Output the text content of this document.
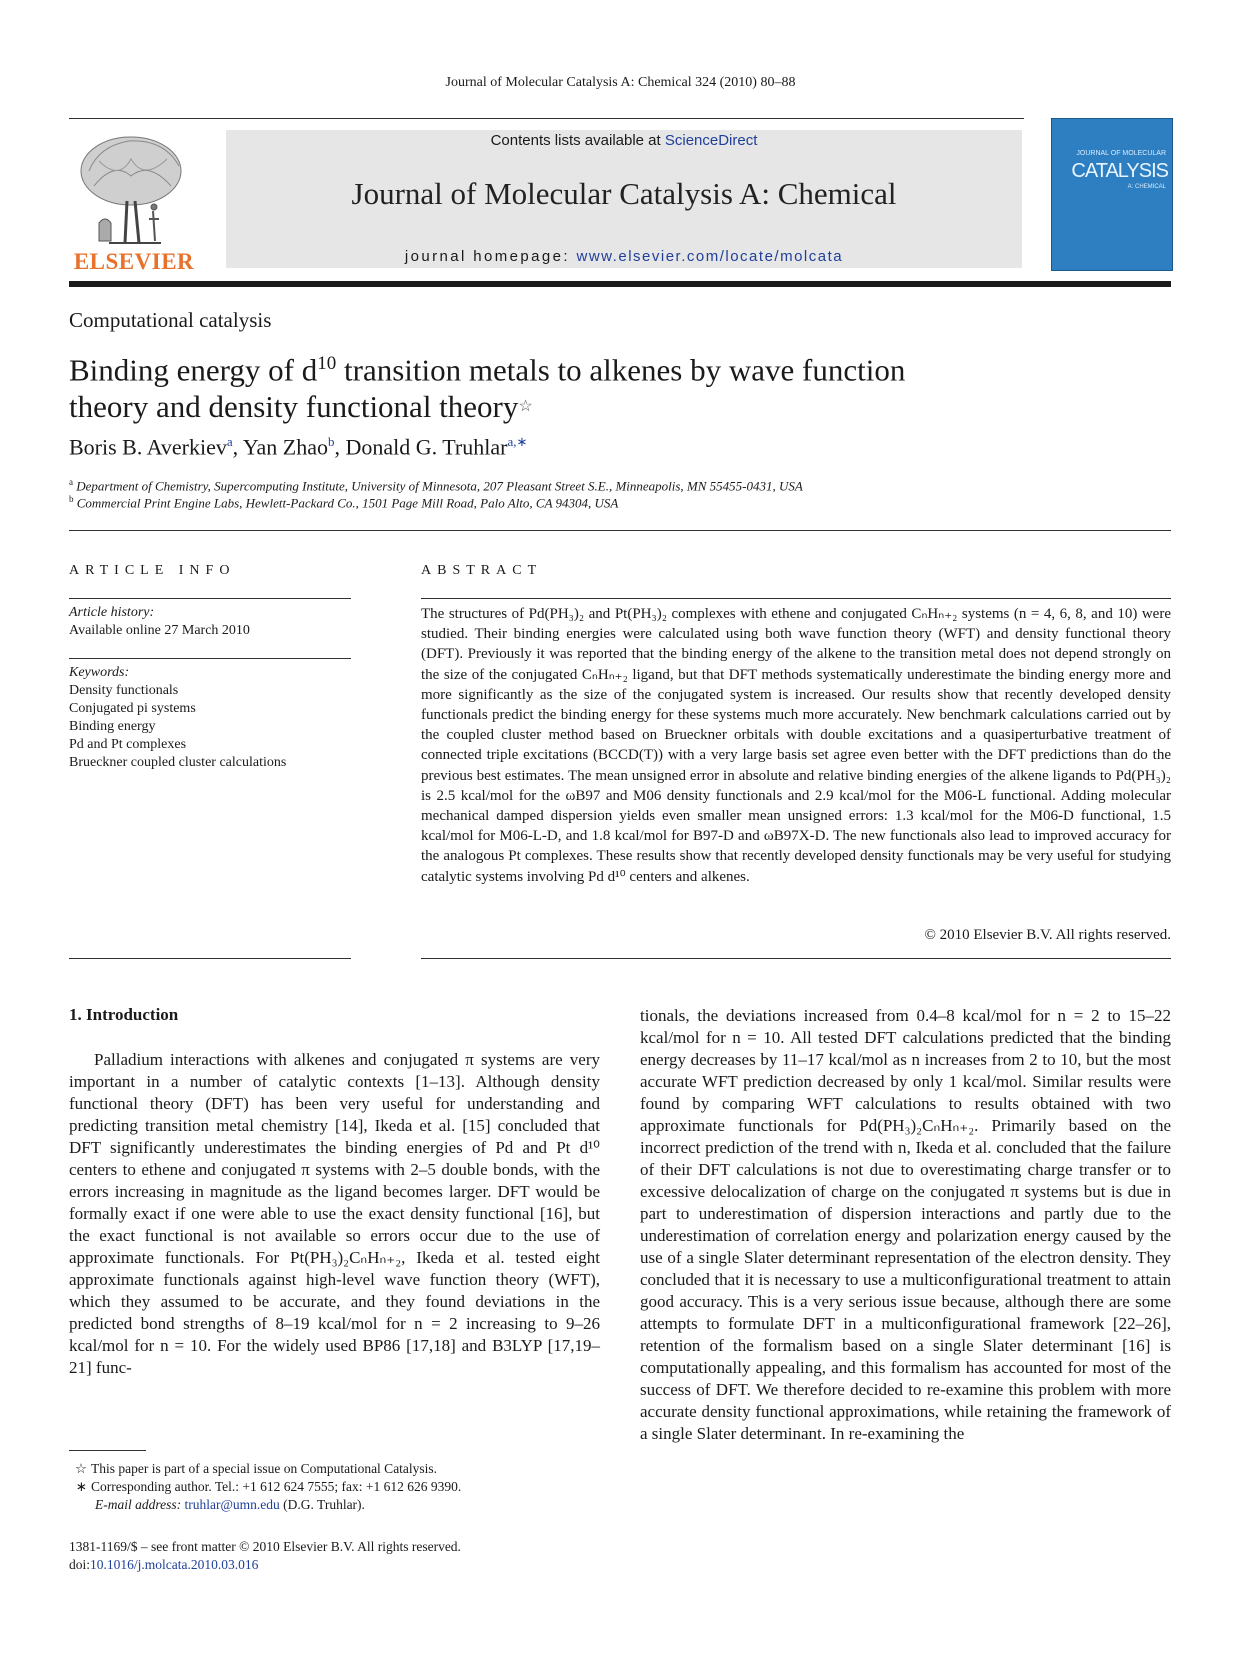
Journal of Molecular Catalysis A: Chemical 324 (2010) 80–88
ELSEVIER
Contents lists available at ScienceDirect
Journal of Molecular Catalysis A: Chemical
journal homepage: www.elsevier.com/locate/molcata
JOURNAL OF MOLECULAR
CATALYSIS
A: CHEMICAL
Computational catalysis
Binding energy of $d^{10}$ transition metals to alkenes by wave function
theory and density functional theory☆
Boris B. Averkiev$^a$, Yan Zhao$^b$, Donald G. Truhlar$^{a,∗}$
$^a$ Department of Chemistry, Supercomputing Institute, University of Minnesota, 207 Pleasant Street S.E., Minneapolis, MN 55455-0431, USA
$^b$ Commercial Print Engine Labs, Hewlett-Packard Co., 1501 Page Mill Road, Palo Alto, CA 94304, USA
ARTICLE INFO	ABSTRACT
Article history:
Available online 27 March 2010
Keywords:
Density functionals
Conjugated pi systems
Binding energy
Pd and Pt complexes
Brueckner coupled cluster calculations
The structures of Pd(PH₃)₂ and Pt(PH₃)₂ complexes with ethene and conjugated CₙHₙ₊₂ systems (n = 4, 6, 8, and 10) were studied. Their binding energies were calculated using both wave function theory (WFT) and density functional theory (DFT). Previously it was reported that the binding energy of the alkene to the transition metal does not depend strongly on the size of the conjugated CₙHₙ₊₂ ligand, but that DFT methods systematically underestimate the binding energy more and more significantly as the size of the conjugated system is increased. Our results show that recently developed density functionals predict the binding energy for these systems much more accurately. New benchmark calculations carried out by the coupled cluster method based on Brueckner orbitals with double excitations and a quasiperturbative treatment of connected triple excitations (BCCD(T)) with a very large basis set agree even better with the DFT predictions than do the previous best estimates. The mean unsigned error in absolute and relative binding energies of the alkene ligands to Pd(PH₃)₂ is 2.5 kcal/mol for the ωB97 and M06 density functionals and 2.9 kcal/mol for the M06-L functional. Adding molecular mechanical damped dispersion yields even smaller mean unsigned errors: 1.3 kcal/mol for the M06-D functional, 1.5 kcal/mol for M06-L-D, and 1.8 kcal/mol for B97-D and ωB97X-D. The new functionals also lead to improved accuracy for the analogous Pt complexes. These results show that recently developed density functionals may be very useful for studying catalytic systems involving Pd d¹⁰ centers and alkenes.
© 2010 Elsevier B.V. All rights reserved.
1. Introduction
Palladium interactions with alkenes and conjugated π systems are very important in a number of catalytic contexts [1–13]. Although density functional theory (DFT) has been very useful for understanding and predicting transition metal chemistry [14], Ikeda et al. [15] concluded that DFT significantly underestimates the binding energies of Pd and Pt d¹⁰ centers to ethene and conjugated π systems with 2–5 double bonds, with the errors increasing in magnitude as the ligand becomes larger. DFT would be formally exact if one were able to use the exact density functional [16], but the exact functional is not available so errors occur due to the use of approximate functionals. For Pt(PH₃)₂CₙHₙ₊₂, Ikeda et al. tested eight approximate functionals against high-level wave function theory (WFT), which they assumed to be accurate, and they found deviations in the predicted bond strengths of 8–19 kcal/mol for n = 2 increasing to 9–26 kcal/mol for n = 10. For the widely used BP86 [17,18] and B3LYP [17,19–21] func-
tionals, the deviations increased from 0.4–8 kcal/mol for n = 2 to 15–22 kcal/mol for n = 10. All tested DFT calculations predicted that the binding energy decreases by 11–17 kcal/mol as n increases from 2 to 10, but the most accurate WFT prediction decreased by only 1 kcal/mol. Similar results were found by comparing WFT calculations to results obtained with two approximate functionals for Pd(PH₃)₂CₙHₙ₊₂. Primarily based on the incorrect prediction of the trend with n, Ikeda et al. concluded that the failure of their DFT calculations is not due to overestimating charge transfer or to excessive delocalization of charge on the conjugated π systems but is due in part to underestimation of dispersion interactions and partly due to the underestimation of correlation energy and polarization energy caused by the use of a single Slater determinant representation of the electron density. They concluded that it is necessary to use a multiconfigurational treatment to attain good accuracy. This is a very serious issue because, although there are some attempts to formulate DFT in a multiconfigurational framework [22–26], retention of the formalism based on a single Slater determinant [16] is computationally appealing, and this formalism has accounted for most of the success of DFT. We therefore decided to re-examine this problem with more accurate density functional approximations, while retaining the framework of a single Slater determinant. In re-examining the
☆ This paper is part of a special issue on Computational Catalysis.
∗ Corresponding author. Tel.: +1 612 624 7555; fax: +1 612 626 9390.
E-mail address: truhlar@umn.edu (D.G. Truhlar).
1381-1169/$ – see front matter © 2010 Elsevier B.V. All rights reserved.
doi:10.1016/j.molcata.2010.03.016
